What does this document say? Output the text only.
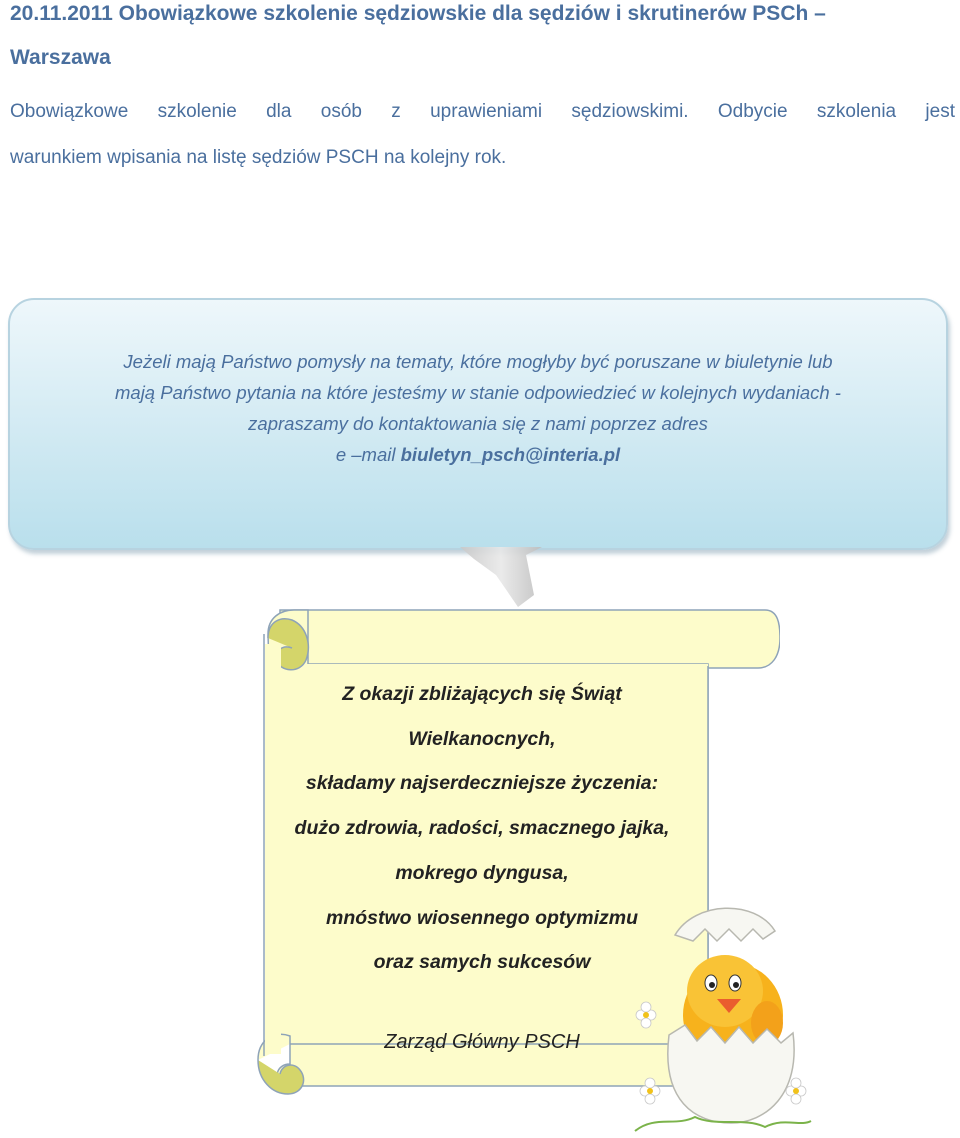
20.11.2011 Obowiązkowe szkolenie sędziowskie dla sędziów i skrutinerów PSCh –
Warszawa
Obowiązkowe szkolenie dla osób z uprawieniami sędziowskimi. Odbycie szkolenia jest
warunkiem wpisania na listę sędziów PSCH na kolejny rok.
Jeżeli mają Państwo pomysły na tematy, które mogłyby być poruszane w biuletynie lub
mają Państwo pytania na które jesteśmy w stanie odpowiedzieć w kolejnych wydaniach -
zapraszamy do kontaktowania się z nami poprzez adres
e –mail biuletyn_psch@interia.pl
Z okazji zbliżających się Świąt
Wielkanocnych,
składamy najserdeczniejsze życzenia:
dużo zdrowia, radości, smacznego jajka,
mokrego dyngusa,
mnóstwo wiosennego optymizmu
oraz samych sukcesów
Zarząd Główny PSCH
